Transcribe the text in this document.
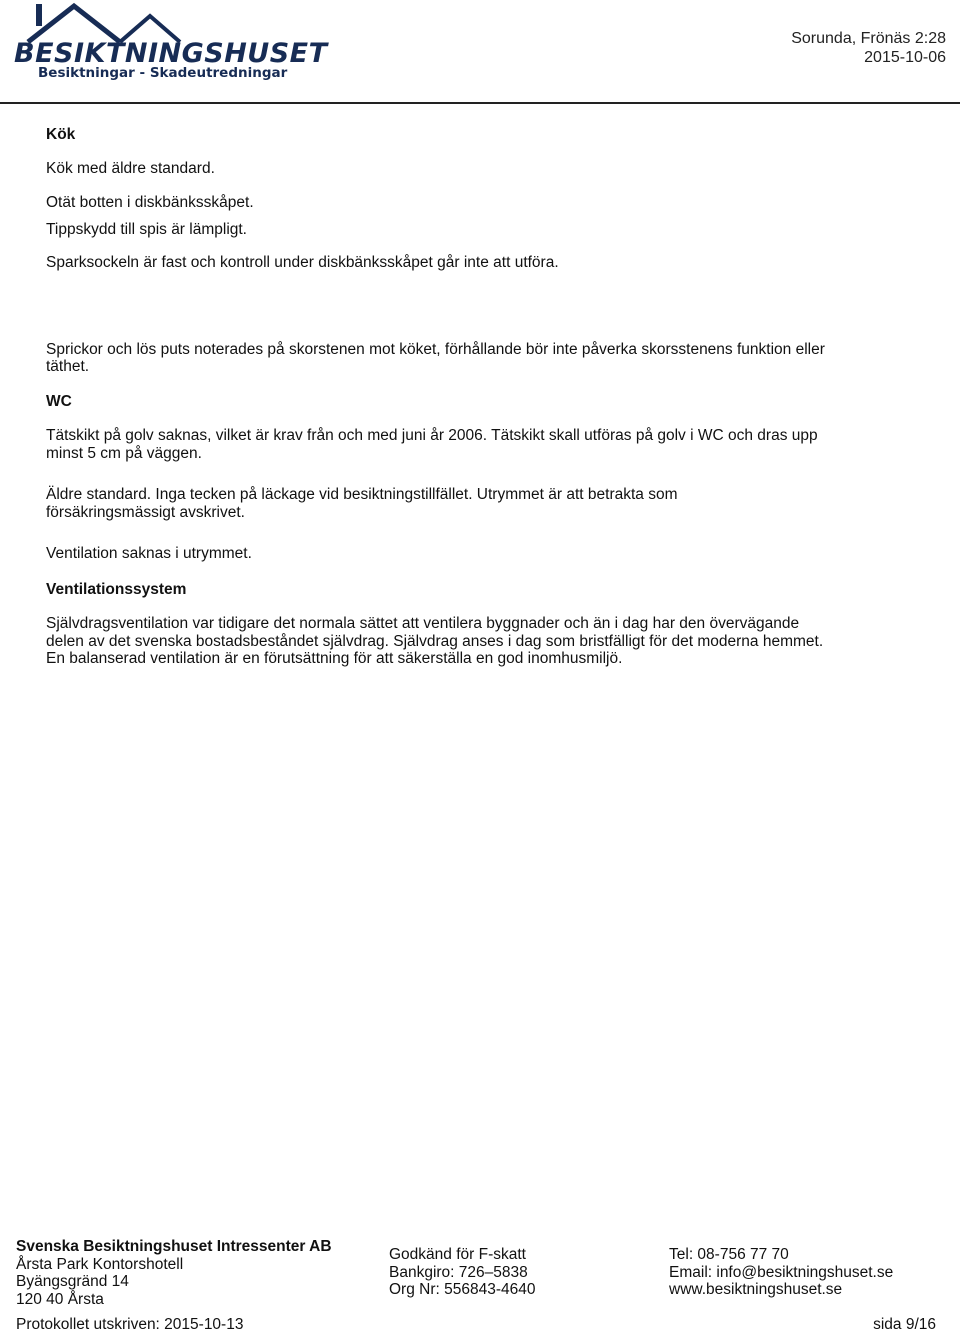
BESIKTNINGSHUSET
Besiktningar - Skadeutredningar
Sorunda, Frönäs 2:28
2015-10-06
Kök

Kök med äldre standard.

Otät botten i diskbänksskåpet.

Tippskydd till spis är lämpligt.

Sparksockeln är fast och kontroll under diskbänksskåpet går inte att utföra.

Sprickor och lös puts noterades på skorstenen mot köket, förhållande bör inte påverka skorsstenens funktion eller täthet.

WC

Tätskikt på golv saknas, vilket är krav från och med juni år 2006. Tätskikt skall utföras på golv i WC och dras upp minst 5 cm på väggen.

Äldre standard. Inga tecken på läckage vid besiktningstillfället. Utrymmet är att betrakta som försäkringsmässigt avskrivet.

Ventilation saknas i utrymmet.

Ventilationssystem

Självdragsventilation var tidigare det normala sättet att ventilera byggnader och än i dag har den övervägande delen av det svenska bostadsbeståndet självdrag. Självdrag anses i dag som bristfälligt för det moderna hemmet. En balanserad ventilation är en förutsättning för att säkerställa en god inomhusmiljö.

Svenska Besiktningshuset Intressenter AB
Årsta Park Kontorshotell
Byängsgränd 14
120 40 Årsta
Godkänd för F-skatt
Bankgiro: 726–5838
Org Nr: 556843-4640
Tel: 08-756 77 70
Email: info@besiktningshuset.se
www.besiktningshuset.se
Protokollet utskriven: 2015-10-13	sida 9/16
